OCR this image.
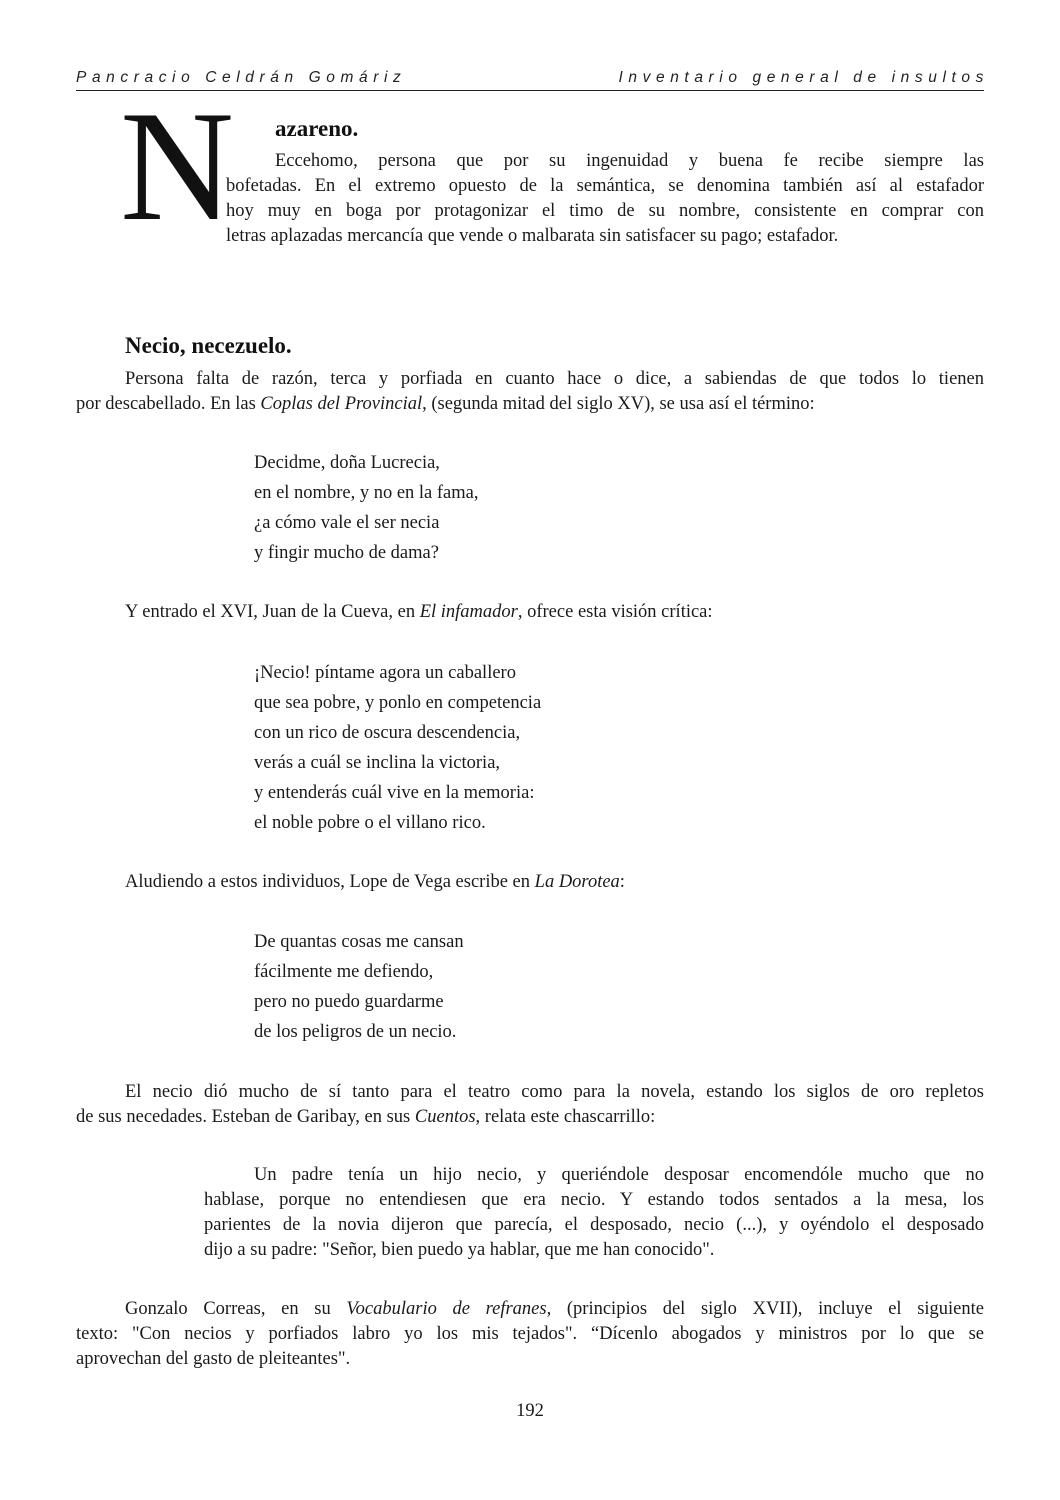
Pancracio Celdrán Gomáriz	Inventario general de insultos
N azareno.
Eccehomo, persona que por su ingenuidad y buena fe recibe siempre las
bofetadas. En el extremo opuesto de la semántica, se denomina también así al estafador
hoy muy en boga por protagonizar el timo de su nombre, consistente en comprar con
letras aplazadas mercancía que vende o malbarata sin satisfacer su pago; estafador.
Necio, necezuelo.
Persona falta de razón, terca y porfiada en cuanto hace o dice, a sabiendas de que todos lo tienen
por descabellado. En las Coplas del Provincial, (segunda mitad del siglo XV), se usa así el término:
Decidme, doña Lucrecia,
en el nombre, y no en la fama,
¿a cómo vale el ser necia
y fingir mucho de dama?

Y entrado el XVI, Juan de la Cueva, en El infamador, ofrece esta visión crítica:

¡Necio! píntame agora un caballero
que sea pobre, y ponlo en competencia
con un rico de oscura descendencia,
verás a cuál se inclina la victoria,
y entenderás cuál vive en la memoria:
el noble pobre o el villano rico.

Aludiendo a estos individuos, Lope de Vega escribe en La Dorotea:

De quantas cosas me cansan
fácilmente me defiendo,
pero no puedo guardarme
de los peligros de un necio.
El necio dió mucho de sí tanto para el teatro como para la novela, estando los siglos de oro repletos
de sus necedades. Esteban de Garibay, en sus Cuentos, relata este chascarrillo:
Un padre tenía un hijo necio, y queriéndole desposar encomendóle mucho que no
hablase, porque no entendiesen que era necio. Y estando todos sentados a la mesa, los
parientes de la novia dijeron que parecía, el desposado, necio (...), y oyéndolo el desposado
dijo a su padre: "Señor, bien puedo ya hablar, que me han conocido".
Gonzalo Correas, en su Vocabulario de refranes, (principios del siglo XVII), incluye el siguiente
texto: "Con necios y porfiados labro yo los mis tejados". “Dícenlo abogados y ministros por lo que se
aprovechan del gasto de pleiteantes".
192
